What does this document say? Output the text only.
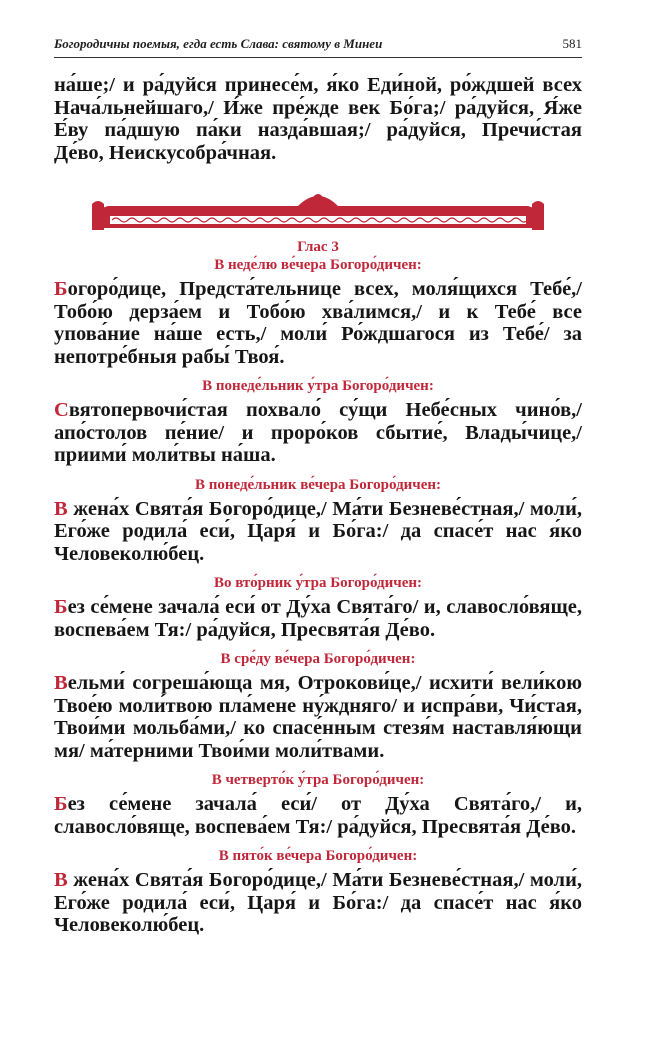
Богородичны поемыя, егда есть Слава: святому в Минеи	581

на́ше;/ и ра́дуйся принесе́м, я́ко Еди́ной, ро́ждшей всех Нача́льнейшаго,/ И́же пре́жде век Бо́га;/ ра́дуйся, Я́же Е́ву па́дшую па́ки назда́вшая;/ ра́дуйся, Пречи́стая Де́во, Неискусобра́чная.

Глас 3

В неде́лю ве́чера Богоро́дичен:

Богоро́дице, Предста́тельнице всех, моля́щихся Тебе́,/ Тобо́ю дерза́ем и Тобо́ю хва́лимся,/ и к Тебе́ все упова́ние на́ше есть,/ моли́ Ро́ждшагося из Тебе́/ за непотре́бныя рабы́ Твоя́.

В понеде́льник у́тра Богоро́дичен:

Святопервочи́стая похвало́ су́щи Небе́сных чино́в,/ апо́столов пе́ние/ и проро́ков сбытие́, Влады́чице,/ приими́ моли́твы на́ша.

В понеде́льник ве́чера Богоро́дичен:

В жена́х Свята́я Богоро́дице,/ Ма́ти Безневе́стная,/ моли́, Его́же родила́ еси́, Царя́ и Бо́га:/ да спасе́т нас я́ко Человеколю́бец.

Во вто́рник у́тра Богоро́дичен:

Без се́мене зачала́ еси́ от Ду́ха Свята́го/ и, славосло́вяще, воспева́ем Тя:/ ра́дуйся, Пресвята́я Де́во.

В сре́ду ве́чера Богоро́дичен:

Вельми́ согреша́юща мя, Отрокови́це,/ исхити́ вели́кою Твое́ю моли́твою пла́мене ну́ждняго/ и испра́ви, Чи́стая, Твои́ми мольба́ми,/ ко спасе́нным стезя́м наставля́ющи мя/ ма́терними Твои́ми моли́твами.

В четверто́к у́тра Богоро́дичен:

Без се́мене зачала́ еси́/ от Ду́ха Свята́го,/ и, славосло́вяще, воспева́ем Тя:/ ра́дуйся, Пресвята́я Де́во.

В пято́к ве́чера Богоро́дичен:

В жена́х Свята́я Богоро́дице,/ Ма́ти Безневе́стная,/ моли́, Его́же родила́ еси́, Царя́ и Бо́га:/ да спасе́т нас я́ко Человеколю́бец.
